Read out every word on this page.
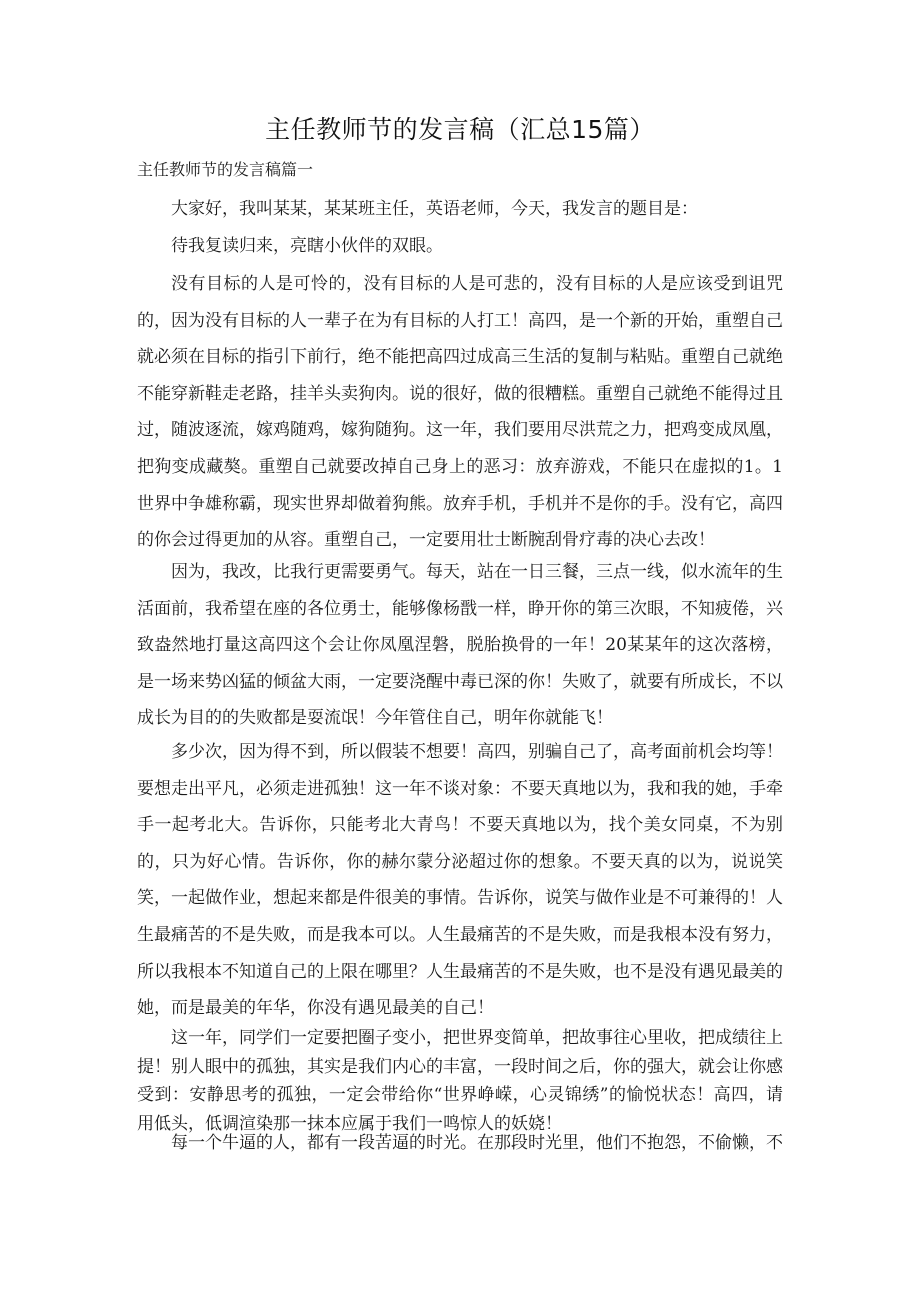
主任教师节的发言稿（汇总15篇）
主任教师节的发言稿篇一

大家好，我叫某某，某某班主任，英语老师，今天，我发言的题目是：

待我复读归来，亮瞎小伙伴的双眼。

没有目标的人是可怜的，没有目标的人是可悲的，没有目标的人是应该受到诅咒的，因为没有目标的人一辈子在为有目标的人打工！高四，是一个新的开始，重塑自己就必须在目标的指引下前行，绝不能把高四过成高三生活的复制与粘贴。重塑自己就绝不能穿新鞋走老路，挂羊头卖狗肉。说的很好，做的很糟糕。重塑自己就绝不能得过且过，随波逐流，嫁鸡随鸡，嫁狗随狗。这一年，我们要用尽洪荒之力，把鸡变成凤凰，把狗变成藏獒。重塑自己就要改掉自己身上的恶习：放弃游戏，不能只在虚拟的1。1世界中争雄称霸，现实世界却做着狗熊。放弃手机，手机并不是你的手。没有它，高四的你会过得更加的从容。重塑自己，一定要用壮士断腕刮骨疗毒的决心去改！

因为，我改，比我行更需要勇气。每天，站在一日三餐，三点一线，似水流年的生活面前，我希望在座的各位勇士，能够像杨戬一样，睁开你的第三次眼，不知疲倦，兴致盎然地打量这高四这个会让你凤凰涅磐，脱胎换骨的一年！20某某年的这次落榜，是一场来势凶猛的倾盆大雨，一定要浇醒中毒已深的你！失败了，就要有所成长，不以成长为目的的失败都是耍流氓！今年管住自己，明年你就能飞！

多少次，因为得不到，所以假装不想要！高四，别骗自己了，高考面前机会均等！要想走出平凡，必须走进孤独！这一年不谈对象：不要天真地以为，我和我的她，手牵手一起考北大。告诉你，只能考北大青鸟！不要天真地以为，找个美女同桌，不为别的，只为好心情。告诉你，你的赫尔蒙分泌超过你的想象。不要天真的以为，说说笑笑，一起做作业，想起来都是件很美的事情。告诉你，说笑与做作业是不可兼得的！人生最痛苦的不是失败，而是我本可以。人生最痛苦的不是失败，而是我根本没有努力，所以我根本不知道自己的上限在哪里？人生最痛苦的不是失败，也不是没有遇见最美的她，而是最美的年华，你没有遇见最美的自己！

这一年，同学们一定要把圈子变小，把世界变简单，把故事往心里收，把成绩往上提！别人眼中的孤独，其实是我们内心的丰富，一段时间之后，你的强大，就会让你感受到：安静思考的孤独，一定会带给你“世界峥嵘，心灵锦绣”的愉悦状态！高四，请用低头，低调渲染那一抹本应属于我们一鸣惊人的妖娆！

每一个牛逼的人，都有一段苦逼的时光。在那段时光里，他们不抱怨，不偷懒，不
